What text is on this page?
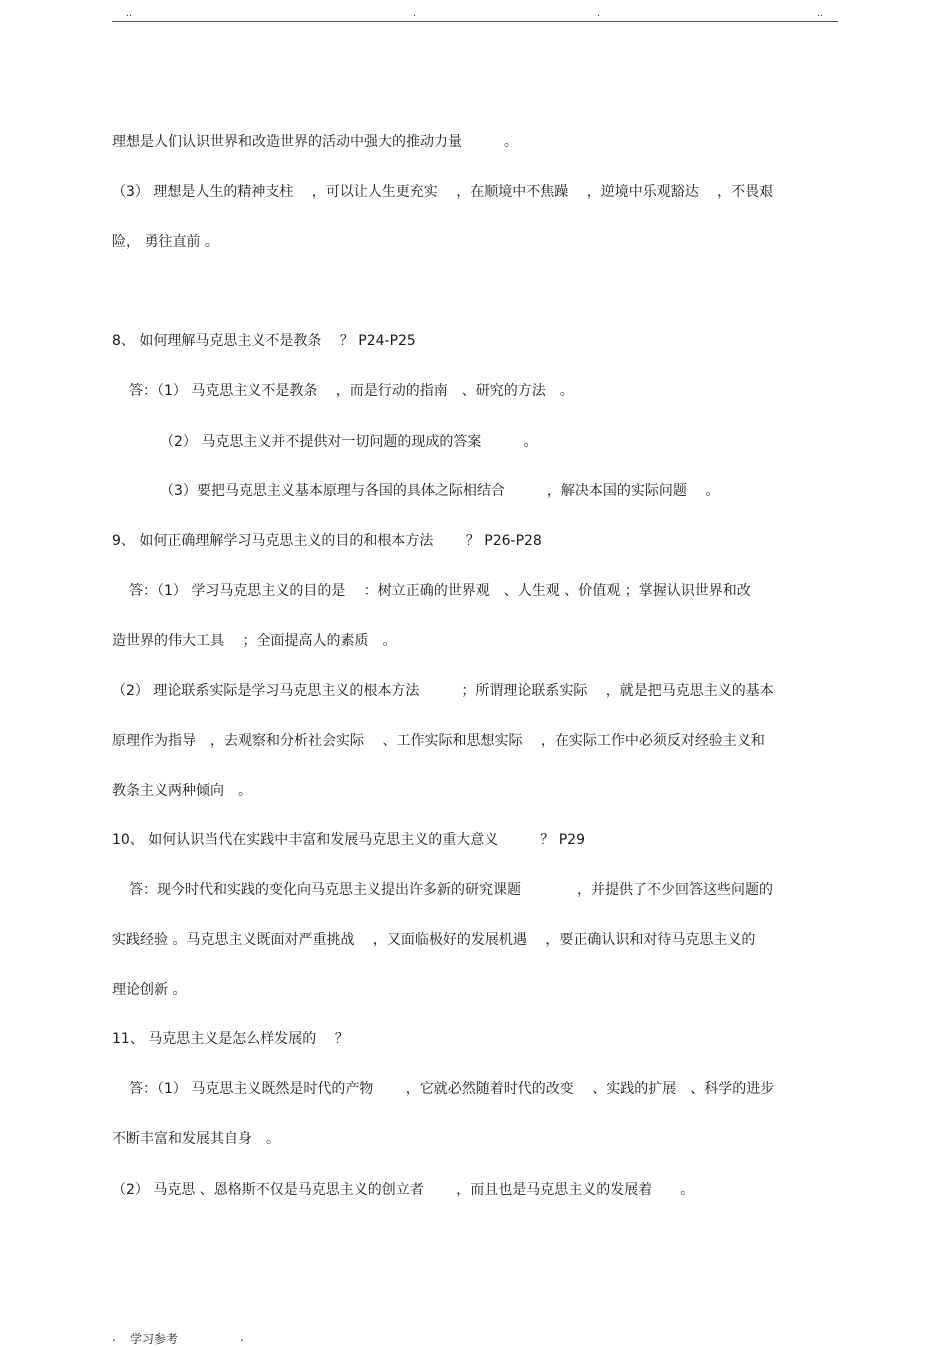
..	.	.	..
理想是人们认识世界和改造世界的活动中强大的推动力量　　　。
（3） 理想是人生的精神支柱　 ，可以让人生更充实　 ，在顺境中不焦躁　 ，逆境中乐观豁达　 ，不畏艰
险， 勇往直前 。
8、 如何理解马克思主义不是教条　 ？ P24-P25
答：（1） 马克思主义不是教条　 ，而是行动的指南　、研究的方法　。
（2） 马克思主义并不提供对一切问题的现成的答案　　　。
（3）要把马克思主义基本原理与各国的具体之际相结合　　　，解决本国的实际问题　 。
9、 如何正确理解学习马克思主义的目的和根本方法　　 ？ P26-P28
答：（1） 学习马克思主义的目的是　 ：树立正确的世界观　、人生观 、价值观 ；掌握认识世界和改
造世界的伟大工具　 ；全面提高人的素质　。
（2） 理论联系实际是学习马克思主义的根本方法　　　；所谓理论联系实际　 ，就是把马克思主义的基本
原理作为指导　，去观察和分析社会实际　 、工作实际和思想实际　 ，在实际工作中必须反对经验主义和
教条主义两种倾向　。
10、 如何认识当代在实践中丰富和发展马克思主义的重大意义　　　？ P29
答：现今时代和实践的变化向马克思主义提出许多新的研究课题　　　　，并提供了不少回答这些问题的
实践经验 。马克思主义既面对严重挑战　 ，又面临极好的发展机遇　 ，要正确认识和对待马克思主义的
理论创新 。
11、 马克思主义是怎么样发展的　 ？
答：（1） 马克思主义既然是时代的产物　　 ，它就必然随着时代的改变　 、实践的扩展　、科学的进步
不断丰富和发展其自身　。
（2） 马克思 、恩格斯不仅是马克思主义的创立者　　 ，而且也是马克思主义的发展着　　。
. 学习参考	.
